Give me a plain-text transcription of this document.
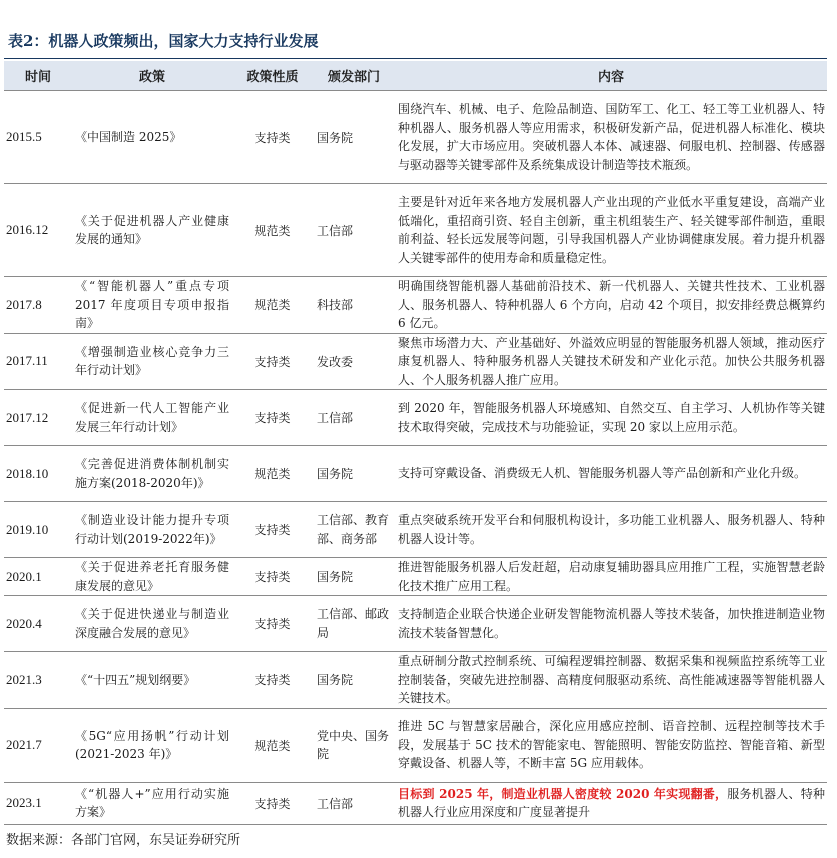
表2：机器人政策频出，国家大力支持行业发展
时间	政策	政策性质	颁发部门	内容
2015.5	《中国制造 2025》	支持类	国务院	围绕汽车、机械、电子、危险品制造、国防军工、化工、轻工等工业机器人、特种机器人、服务机器人等应用需求，积极研发新产品，促进机器人标准化、模块化发展，扩大市场应用。突破机器人本体、减速器、伺服电机、控制器、传感器与驱动器等关键零部件及系统集成设计制造等技术瓶颈。

2016.12	《关于促进机器人产业健康发展的通知》	规范类	工信部	主要是针对近年来各地方发展机器人产业出现的产业低水平重复建设，高端产业低端化，重招商引资、轻自主创新，重主机组装生产、轻关键零部件制造，重眼前利益、轻长远发展等问题，引导我国机器人产业协调健康发展。着力提升机器人关键零部件的使用寿命和质量稳定性。

2017.8	《“智能机器人”重点专项 2017 年度项目专项申报指南》	规范类	科技部	明确围绕智能机器人基础前沿技术、新一代机器人、关键共性技术、工业机器人、服务机器人、特种机器人 6 个方向，启动 42 个项目，拟安排经费总概算约 6 亿元。

2017.11	《增强制造业核心竞争力三年行动计划》	支持类	发改委	聚焦市场潜力大、产业基础好、外溢效应明显的智能服务机器人领域，推动医疗康复机器人、特种服务机器人关键技术研发和产业化示范。加快公共服务机器人、个人服务机器人推广应用。

2017.12	《促进新一代人工智能产业发展三年行动计划》	支持类	工信部	到 2020 年，智能服务机器人环境感知、自然交互、自主学习、人机协作等关键技术取得突破，完成技术与功能验证，实现 20 家以上应用示范。

2018.10	《完善促进消费体制机制实施方案(2018-2020年)》	规范类	国务院	支持可穿戴设备、消费级无人机、智能服务机器人等产品创新和产业化升级。

2019.10	《制造业设计能力提升专项行动计划(2019-2022年)》	支持类	工信部、教育部、商务部	重点突破系统开发平台和伺服机构设计，多功能工业机器人、服务机器人、特种机器人设计等。

2020.1	《关于促进养老托育服务健康发展的意见》	支持类	国务院	推进智能服务机器人后发赶超，启动康复辅助器具应用推广工程，实施智慧老龄化技术推广应用工程。

2020.4	《关于促进快递业与制造业深度融合发展的意见》	支持类	工信部、邮政局	支持制造企业联合快递企业研发智能物流机器人等技术装备，加快推进制造业物流技术装备智慧化。

2021.3	《“十四五”规划纲要》	支持类	国务院	重点研制分散式控制系统、可编程逻辑控制器、数据采集和视频监控系统等工业控制装备，突破先进控制器、高精度伺服驱动系统、高性能减速器等智能机器人关键技术。

2021.7	《5G“应用扬帆”行动计划(2021-2023 年)》	规范类	党中央、国务院	推进 5C 与智慧家居融合，深化应用感应控制、语音控制、远程控制等技术手段，发展基于 5C 技术的智能家电、智能照明、智能安防监控、智能音箱、新型穿戴设备、机器人等，不断丰富 5G 应用载体。

2023.1	《“机器人+”应用行动实施方案》	支持类	工信部	目标到 2025 年，制造业机器人密度较 2020 年实现翻番，服务机器人、特种机器人行业应用深度和广度显著提升
数据来源：各部门官网，东吴证券研究所
